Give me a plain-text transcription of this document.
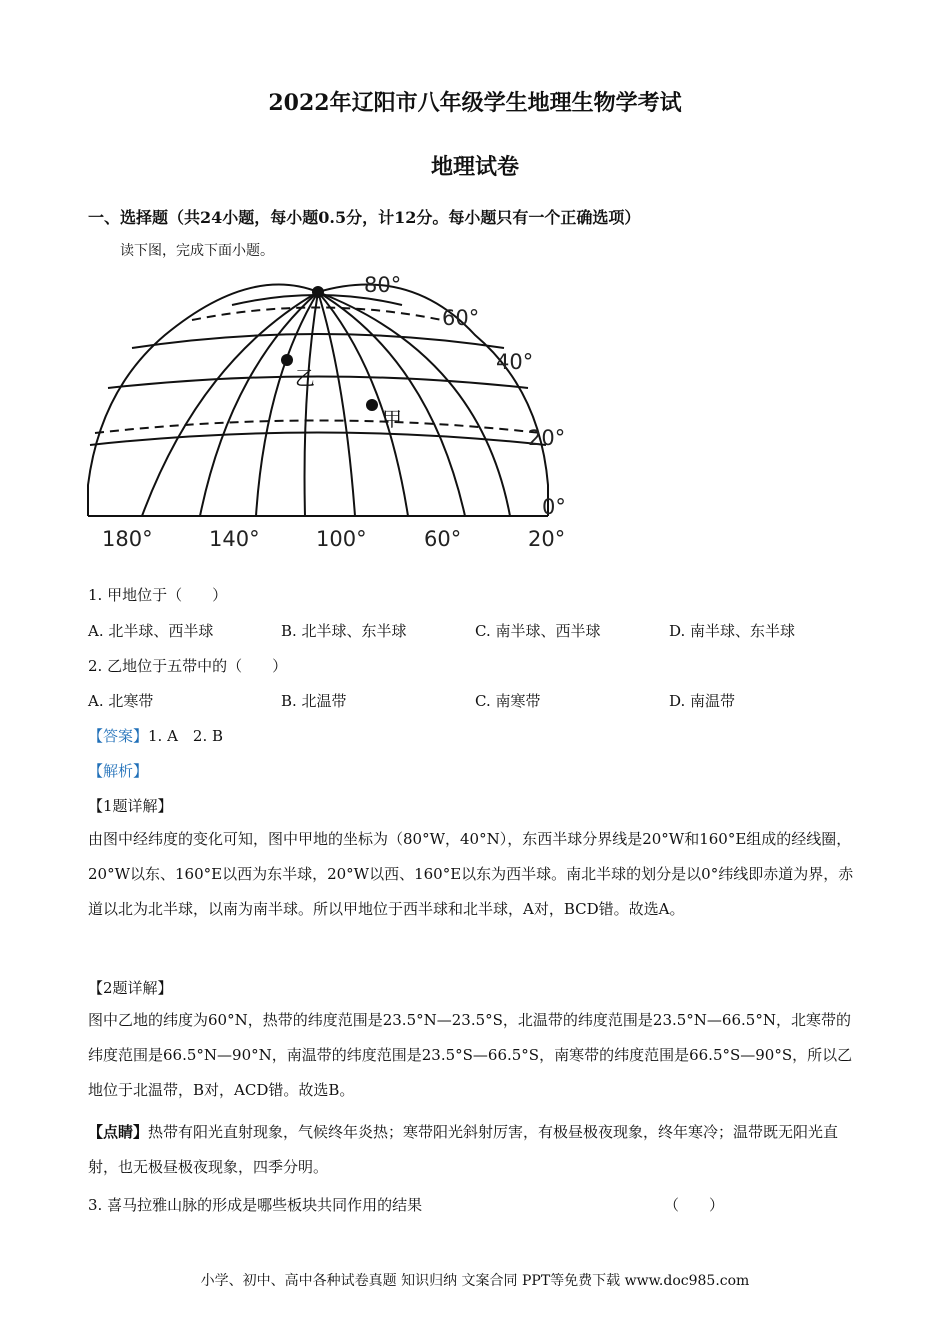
2022年辽阳市八年级学生地理生物学考试
地理试卷
一、选择题（共24小题，每小题0.5分，计12分。每小题只有一个正确选项）
读下图，完成下面小题。
乙
甲
80°
60°
40°
20°
0°
180°	140°	100°	60°	20°
1. 甲地位于（　　）
A. 北半球、西半球	B. 北半球、东半球	C. 南半球、西半球	D. 南半球、东半球
2. 乙地位于五带中的（　　）
A. 北寒带	B. 北温带	C. 南寒带	D. 南温带
【答案】1. A　2. B
【解析】
【1题详解】
由图中经纬度的变化可知，图中甲地的坐标为（80°W，40°N），东西半球分界线是20°W和160°E组成的经线圈，20°W以东、160°E以西为东半球，20°W以西、160°E以东为西半球。南北半球的划分是以0°纬线即赤道为界，赤道以北为北半球，以南为南半球。所以甲地位于西半球和北半球，A对，BCD错。故选A。
【2题详解】
图中乙地的纬度为60°N，热带的纬度范围是23.5°N—23.5°S，北温带的纬度范围是23.5°N—66.5°N，北寒带的纬度范围是66.5°N—90°N，南温带的纬度范围是23.5°S—66.5°S，南寒带的纬度范围是66.5°S—90°S，所以乙地位于北温带，B对，ACD错。故选B。
【点睛】热带有阳光直射现象，气候终年炎热；寒带阳光斜射厉害，有极昼极夜现象，终年寒冷；温带既无阳光直射，也无极昼极夜现象，四季分明。
3. 喜马拉雅山脉的形成是哪些板块共同作用的结果	（　　）
小学、初中、高中各种试卷真题 知识归纳 文案合同 PPT等免费下载 www.doc985.com
